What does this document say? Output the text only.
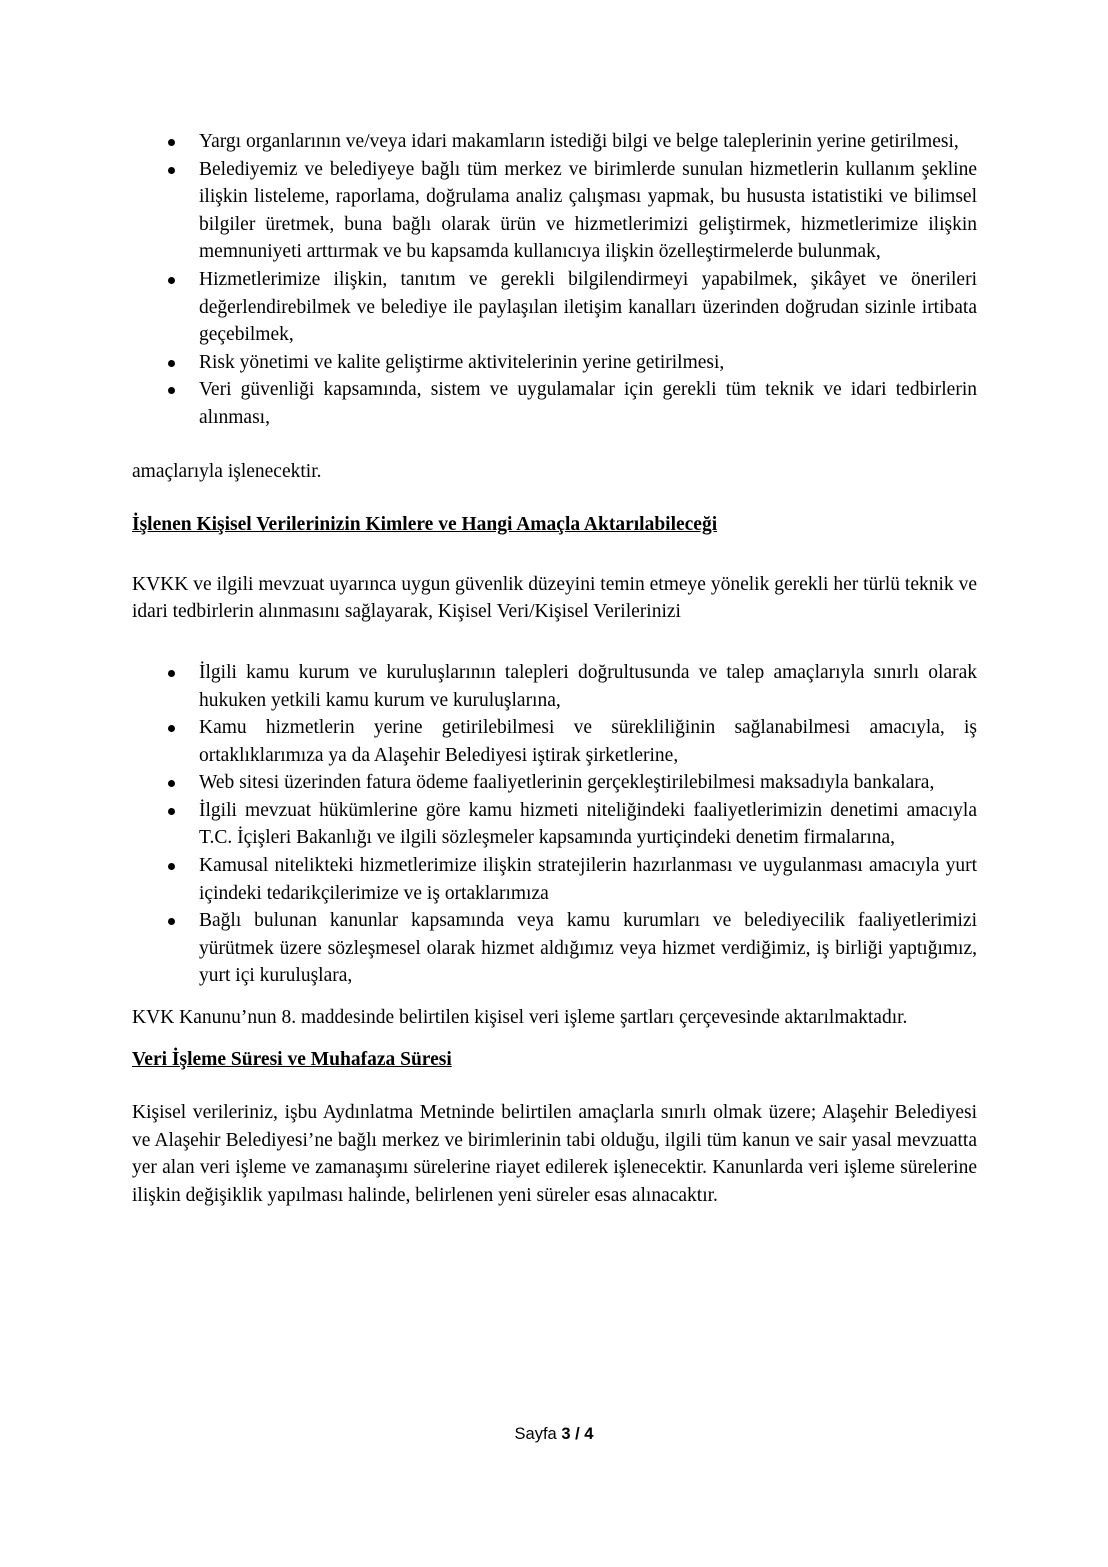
Yargı organlarının ve/veya idari makamların istediği bilgi ve belge taleplerinin yerine getirilmesi,
Belediyemiz ve belediyeye bağlı tüm merkez ve birimlerde sunulan hizmetlerin kullanım şekline ilişkin listeleme, raporlama, doğrulama analiz çalışması yapmak, bu hususta istatistiki ve bilimsel bilgiler üretmek, buna bağlı olarak ürün ve hizmetlerimizi geliştirmek, hizmetlerimize ilişkin memnuniyeti arttırmak ve bu kapsamda kullanıcıya ilişkin özelleştirmelerde bulunmak,
Hizmetlerimize ilişkin, tanıtım ve gerekli bilgilendirmeyi yapabilmek, şikâyet ve önerileri değerlendirebilmek ve belediye ile paylaşılan iletişim kanalları üzerinden doğrudan sizinle irtibata geçebilmek,
Risk yönetimi ve kalite geliştirme aktivitelerinin yerine getirilmesi,
Veri güvenliği kapsamında, sistem ve uygulamalar için gerekli tüm teknik ve idari tedbirlerin alınması,

amaçlarıyla işlenecektir.

İşlenen Kişisel Verilerinizin Kimlere ve Hangi Amaçla Aktarılabileceği

KVKK ve ilgili mevzuat uyarınca uygun güvenlik düzeyini temin etmeye yönelik gerekli her türlü teknik ve idari tedbirlerin alınmasını sağlayarak, Kişisel Veri/Kişisel Verilerinizi

İlgili kamu kurum ve kuruluşlarının talepleri doğrultusunda ve talep amaçlarıyla sınırlı olarak hukuken yetkili kamu kurum ve kuruluşlarına,
Kamu hizmetlerin yerine getirilebilmesi ve sürekliliğinin sağlanabilmesi amacıyla, iş ortaklıklarımıza ya da Alaşehir Belediyesi iştirak şirketlerine,
Web sitesi üzerinden fatura ödeme faaliyetlerinin gerçekleştirilebilmesi maksadıyla bankalara,
İlgili mevzuat hükümlerine göre kamu hizmeti niteliğindeki faaliyetlerimizin denetimi amacıyla T.C. İçişleri Bakanlığı ve ilgili sözleşmeler kapsamında yurtiçindeki denetim firmalarına,
Kamusal nitelikteki hizmetlerimize ilişkin stratejilerin hazırlanması ve uygulanması amacıyla yurt içindeki tedarikçilerimize ve iş ortaklarımıza
Bağlı bulunan kanunlar kapsamında veya kamu kurumları ve belediyecilik faaliyetlerimizi yürütmek üzere sözleşmesel olarak hizmet aldığımız veya hizmet verdiğimiz, iş birliği yaptığımız, yurt içi kuruluşlara,

KVK Kanunu’nun 8. maddesinde belirtilen kişisel veri işleme şartları çerçevesinde aktarılmaktadır.

Veri İşleme Süresi ve Muhafaza Süresi

Kişisel verileriniz, işbu Aydınlatma Metninde belirtilen amaçlarla sınırlı olmak üzere; Alaşehir Belediyesi ve Alaşehir Belediyesi’ne bağlı merkez ve birimlerinin tabi olduğu, ilgili tüm kanun ve sair yasal mevzuatta yer alan veri işleme ve zamanaşımı sürelerine riayet edilerek işlenecektir. Kanunlarda veri işleme sürelerine ilişkin değişiklik yapılması halinde, belirlenen yeni süreler esas alınacaktır.

Sayfa 3 / 4
